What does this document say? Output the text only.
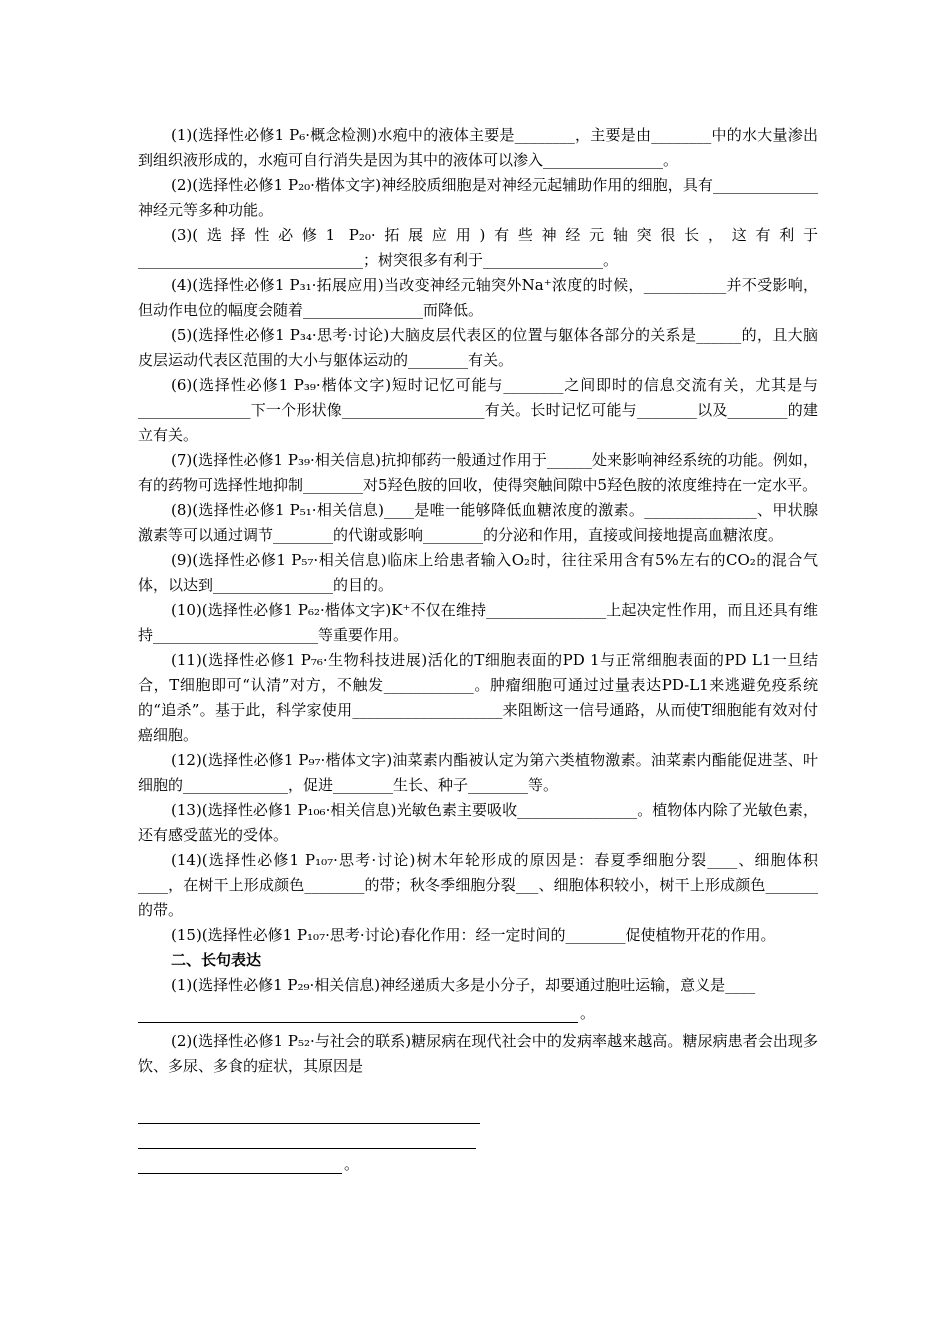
(1)(选择性必修1 P₆·概念检测)水疱中的液体主要是________，主要是由________中的水大量渗出到组织液形成的，水疱可自行消失是因为其中的液体可以渗入________________。

(2)(选择性必修1 P₂₀·楷体文字)神经胶质细胞是对神经元起辅助作用的细胞，具有______________神经元等多种功能。

(3)(选择性必修1 P₂₀·拓展应用)有些神经元轴突很长，这有利于______________________________；树突很多有利于________________。

(4)(选择性必修1 P₃₁·拓展应用)当改变神经元轴突外Na⁺浓度的时候，___________并不受影响，但动作电位的幅度会随着________________而降低。

(5)(选择性必修1 P₃₄·思考·讨论)大脑皮层代表区的位置与躯体各部分的关系是______的，且大脑皮层运动代表区范围的大小与躯体运动的________有关。

(6)(选择性必修1 P₃₉·楷体文字)短时记忆可能与________之间即时的信息交流有关，尤其是与_______________下一个形状像___________________有关。长时记忆可能与________以及________的建立有关。

(7)(选择性必修1 P₃₉·相关信息)抗抑郁药一般通过作用于______处来影响神经系统的功能。例如，有的药物可选择性地抑制________对5羟色胺的回收，使得突触间隙中5羟色胺的浓度维持在一定水平。

(8)(选择性必修1 P₅₁·相关信息)____是唯一能够降低血糖浓度的激素。_______________、甲状腺激素等可以通过调节________的代谢或影响________的分泌和作用，直接或间接地提高血糖浓度。

(9)(选择性必修1 P₅₇·相关信息)临床上给患者输入O₂时，往往采用含有5%左右的CO₂的混合气体，以达到________________的目的。

(10)(选择性必修1 P₆₂·楷体文字)K⁺不仅在维持________________上起决定性作用，而且还具有维持______________________等重要作用。

(11)(选择性必修1 P₇₆·生物科技进展)活化的T细胞表面的PD 1与正常细胞表面的PD L1一旦结合，T细胞即可“认清”对方，不触发____________。肿瘤细胞可通过过量表达PD-L1来逃避免疫系统的“追杀”。基于此，科学家使用____________________来阻断这一信号通路，从而使T细胞能有效对付癌细胞。

(12)(选择性必修1 P₉₇·楷体文字)油菜素内酯被认定为第六类植物激素。油菜素内酯能促进茎、叶细胞的______________，促进________生长、种子________等。

(13)(选择性必修1 P₁₀₆·相关信息)光敏色素主要吸收________________。植物体内除了光敏色素，还有感受蓝光的受体。

(14)(选择性必修1 P₁₀₇·思考·讨论)树木年轮形成的原因是：春夏季细胞分裂____、细胞体积____，在树干上形成颜色________的带；秋冬季细胞分裂___、细胞体积较小，树干上形成颜色_______的带。

(15)(选择性必修1 P₁₀₇·思考·讨论)春化作用：经一定时间的________促使植物开花的作用。

二、长句表达

(1)(选择性必修1 P₂₉·相关信息)神经递质大多是小分子，却要通过胞吐运输，意义是____

。

(2)(选择性必修1 P₅₂·与社会的联系)糖尿病在现代社会中的发病率越来越高。糖尿病患者会出现多饮、多尿、多食的症状，其原因是

。
